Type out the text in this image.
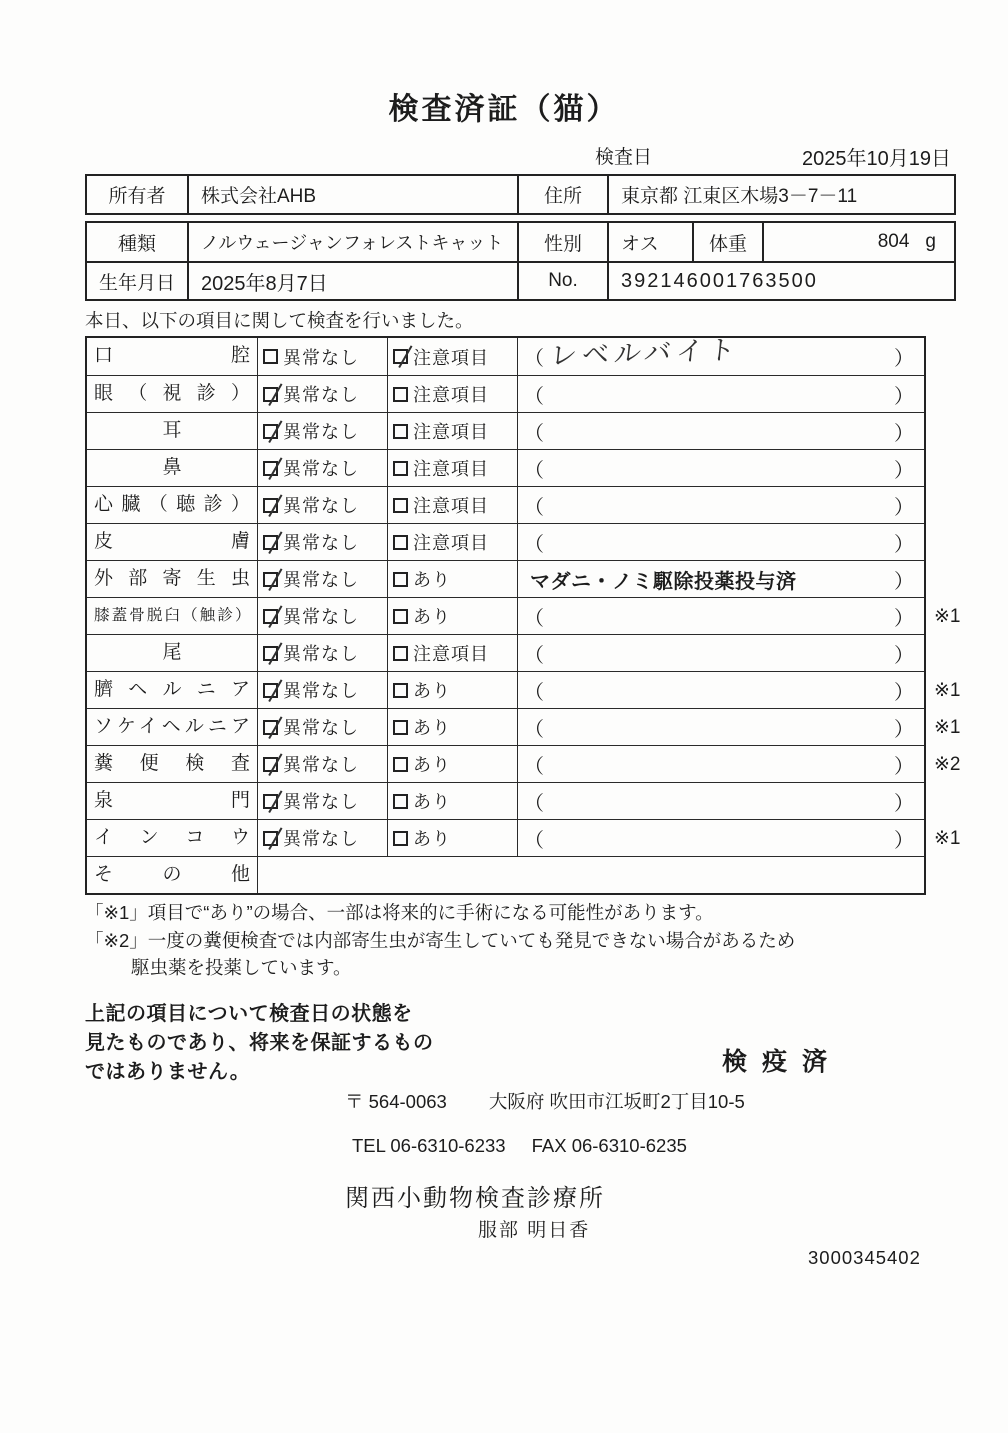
検査済証（猫）
検査日	2025年10月19日
所有者	株式会社AHB	住所	東京都 江東区木場3－7－11
種類	ノルウェージャンフォレストキャット	性別	オス	体重	804 g
生年月日	2025年8月7日	No.	392146001763500
本日、以下の項目に関して検査を行いました。
口腔	異常なし	注意項目 （ レベルバイト	）
眼（視診）	異常なし	注意項目 （	）
耳	異常なし	注意項目 （	）
鼻	異常なし	注意項目 （	）
心臓（聴診）	異常なし	注意項目 （	）
皮膚	異常なし	注意項目 （	）
外部寄生虫	異常なし	あり	マダニ・ノミ駆除投薬投与済	）
膝蓋骨脱臼（触診）	異常なし	あり	（	） ※1
尾	異常なし	注意項目 （	）
臍ヘルニア	異常なし	あり	（	） ※1
ソケイヘルニア	異常なし	あり	（	） ※1
糞便検査	異常なし	あり	（	） ※2
泉門	異常なし	あり	（	）
インコウ	異常なし	あり	（	） ※1
その他
「※1」項目で“あり”の場合、一部は将来的に手術になる可能性があります。
「※2」一度の糞便検査では内部寄生虫が寄生していても発見できない場合があるため
駆虫薬を投薬しています。
上記の項目について検査日の状態を
見たものであり、将来を保証するもの
ではありません。	検疫済
〒 564-0063 大阪府 吹田市江坂町2丁目10-5
TEL 06-6310-6233 FAX 06-6310-6235
関西小動物検査診療所
服部 明日香
3000345402
